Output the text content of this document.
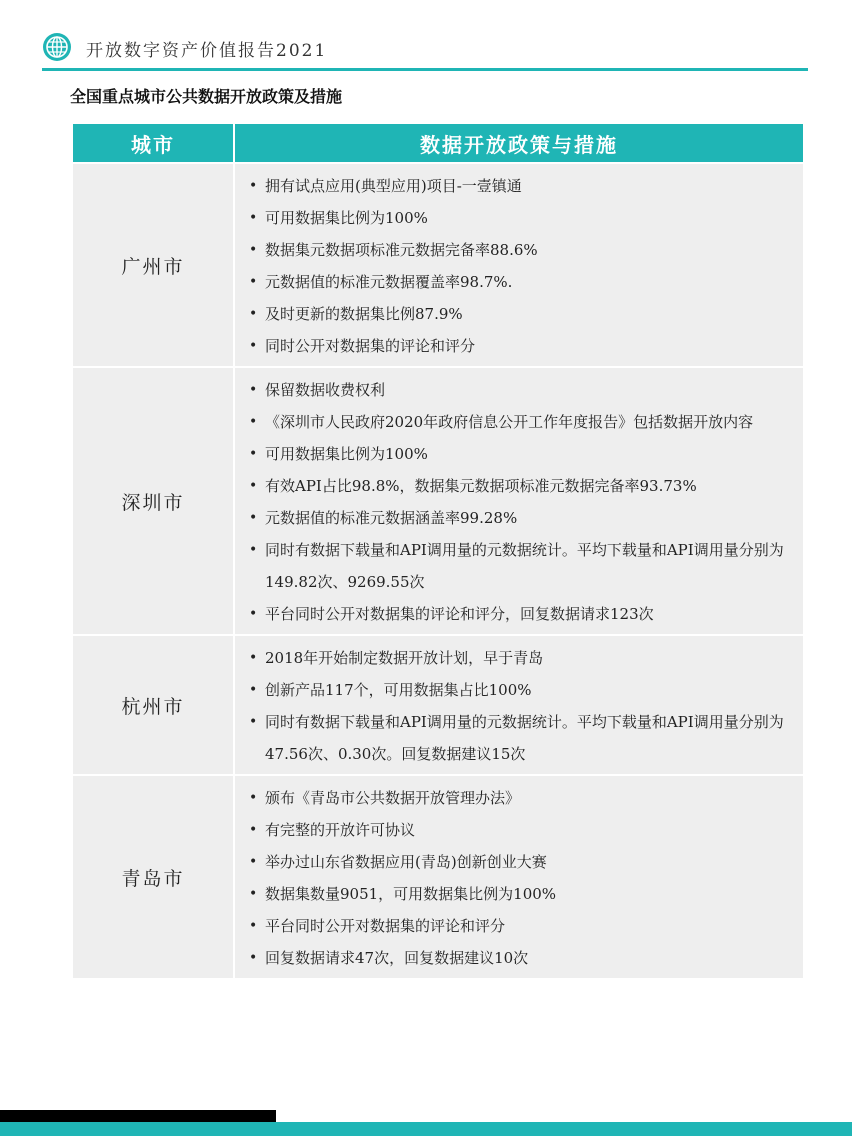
开放数字资产价值报告2021
全国重点城市公共数据开放政策及措施
城市	数据开放政策与措施
广州市
• 拥有试点应用(典型应用)项目-一壹镇通
• 可用数据集比例为100%
• 数据集元数据项标准元数据完备率88.6%
• 元数据值的标准元数据覆盖率98.7%.
• 及时更新的数据集比例87.9%
• 同时公开对数据集的评论和评分
深圳市
• 保留数据收费权利
• 《深圳市人民政府2020年政府信息公开工作年度报告》包括数据开放内容
• 可用数据集比例为100%
• 有效API占比98.8%，数据集元数据项标准元数据完备率93.73%
• 元数据值的标准元数据涵盖率99.28%
• 同时有数据下载量和API调用量的元数据统计。平均下载量和API调用量分别为149.82次、9269.55次
• 平台同时公开对数据集的评论和评分，回复数据请求123次
杭州市
• 2018年开始制定数据开放计划，早于青岛
• 创新产品117个，可用数据集占比100%
• 同时有数据下载量和API调用量的元数据统计。平均下载量和API调用量分别为47.56次、0.30次。回复数据建议15次
青岛市
• 颁布《青岛市公共数据开放管理办法》
• 有完整的开放许可协议
• 举办过山东省数据应用(青岛)创新创业大赛
• 数据集数量9051，可用数据集比例为100%
• 平台同时公开对数据集的评论和评分
• 回复数据请求47次，回复数据建议10次
